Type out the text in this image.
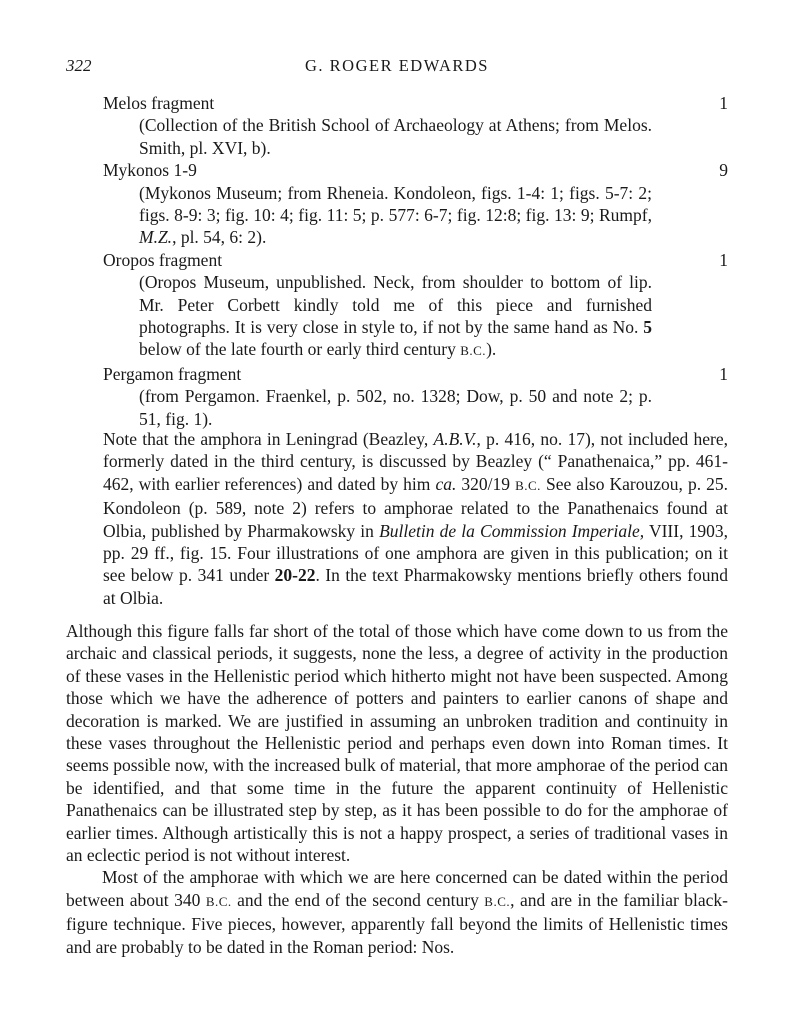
322	G. ROGER EDWARDS
Melos fragment	1
(Collection of the British School of Archaeology at Athens; from Melos. Smith, pl. XVI, b).
Mykonos 1-9	9
(Mykonos Museum; from Rheneia. Kondoleon, figs. 1-4: 1; figs. 5-7: 2; figs. 8-9: 3; fig. 10: 4; fig. 11: 5; p. 577: 6-7; fig. 12:8; fig. 13: 9; Rumpf, M.Z., pl. 54, 6: 2).
Oropos fragment	1
(Oropos Museum, unpublished. Neck, from shoulder to bottom of lip. Mr. Peter Corbett kindly told me of this piece and furnished photographs. It is very close in style to, if not by the same hand as No. 5 below of the late fourth or early third century B.C.).
Pergamon fragment	1
(from Pergamon. Fraenkel, p. 502, no. 1328; Dow, p. 50 and note 2; p. 51, fig. 1).
Note that the amphora in Leningrad (Beazley, A.B.V., p. 416, no. 17), not included here, formerly dated in the third century, is discussed by Beazley (“ Panathenaica,” pp. 461-462, with earlier references) and dated by him ca. 320/19 B.C. See also Karouzou, p. 25. Kondoleon (p. 589, note 2) refers to amphorae related to the Panathenaics found at Olbia, published by Pharmakowsky in Bulletin de la Commission Imperiale, VIII, 1903, pp. 29 ff., fig. 15. Four illustrations of one amphora are given in this publication; on it see below p. 341 under 20-22. In the text Pharmakowsky mentions briefly others found at Olbia.

Although this figure falls far short of the total of those which have come down to us from the archaic and classical periods, it suggests, none the less, a degree of activity in the production of these vases in the Hellenistic period which hitherto might not have been suspected. Among those which we have the adherence of potters and painters to earlier canons of shape and decoration is marked. We are justified in assuming an unbroken tradition and continuity in these vases throughout the Hellenistic period and perhaps even down into Roman times. It seems possible now, with the increased bulk of material, that more amphorae of the period can be identified, and that some time in the future the apparent continuity of Hellenistic Panathenaics can be illustrated step by step, as it has been possible to do for the amphorae of earlier times. Although artistically this is not a happy prospect, a series of traditional vases in an eclectic period is not without interest.

Most of the amphorae with which we are here concerned can be dated within the period between about 340 B.C. and the end of the second century B.C., and are in the familiar black-figure technique. Five pieces, however, apparently fall beyond the limits of Hellenistic times and are probably to be dated in the Roman period: Nos.
